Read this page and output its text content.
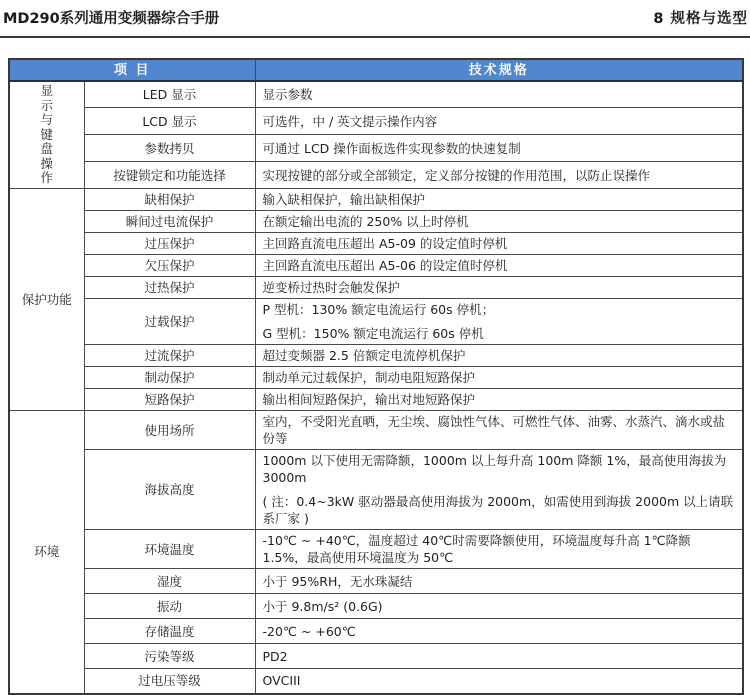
MD290系列通用变频器综合手册	8 规格与选型
项 目		技术规格
显示与键盘操作	LED 显示	显示参数

	LCD 显示	可选件，中 / 英文提示操作内容

	参数拷贝	可通过 LCD 操作面板选件实现参数的快速复制

	按键锁定和功能选择	实现按键的部分或全部锁定，定义部分按键的作用范围，以防止误操作

保护功能	缺相保护	输入缺相保护，输出缺相保护

	瞬间过电流保护	在额定输出电流的 250% 以上时停机

	过压保护	主回路直流电压超出 A5-09 的设定值时停机

	欠压保护	主回路直流电压超出 A5-06 的设定值时停机

	过热保护	逆变桥过热时会触发保护

	过载保护	P 型机：130% 额定电流运行 60s 停机；
G 型机：150% 额定电流运行 60s 停机

	过流保护	超过变频器 2.5 倍额定电流停机保护

	制动保护	制动单元过载保护，制动电阻短路保护

	短路保护	输出相间短路保护，输出对地短路保护

环境	使用场所	室内，不受阳光直晒，无尘埃、腐蚀性气体、可燃性气体、油雾、水蒸汽、滴水或盐份等

	海拔高度	1000m 以下使用无需降额，1000m 以上每升高 100m 降额 1%，最高使用海拔为 3000m
( 注：0.4~3kW 驱动器最高使用海拔为 2000m，如需使用到海拔 2000m 以上请联系厂家 )

	环境温度	-10℃ ~ +40℃，温度超过 40℃时需要降额使用，环境温度每升高 1℃降额 1.5%，最高使用环境温度为 50℃

	湿度	小于 95%RH，无水珠凝结

	振动	小于 9.8m/s² (0.6G)

	存储温度	-20℃ ~ +60℃

	污染等级	PD2

	过电压等级	OVCIII
